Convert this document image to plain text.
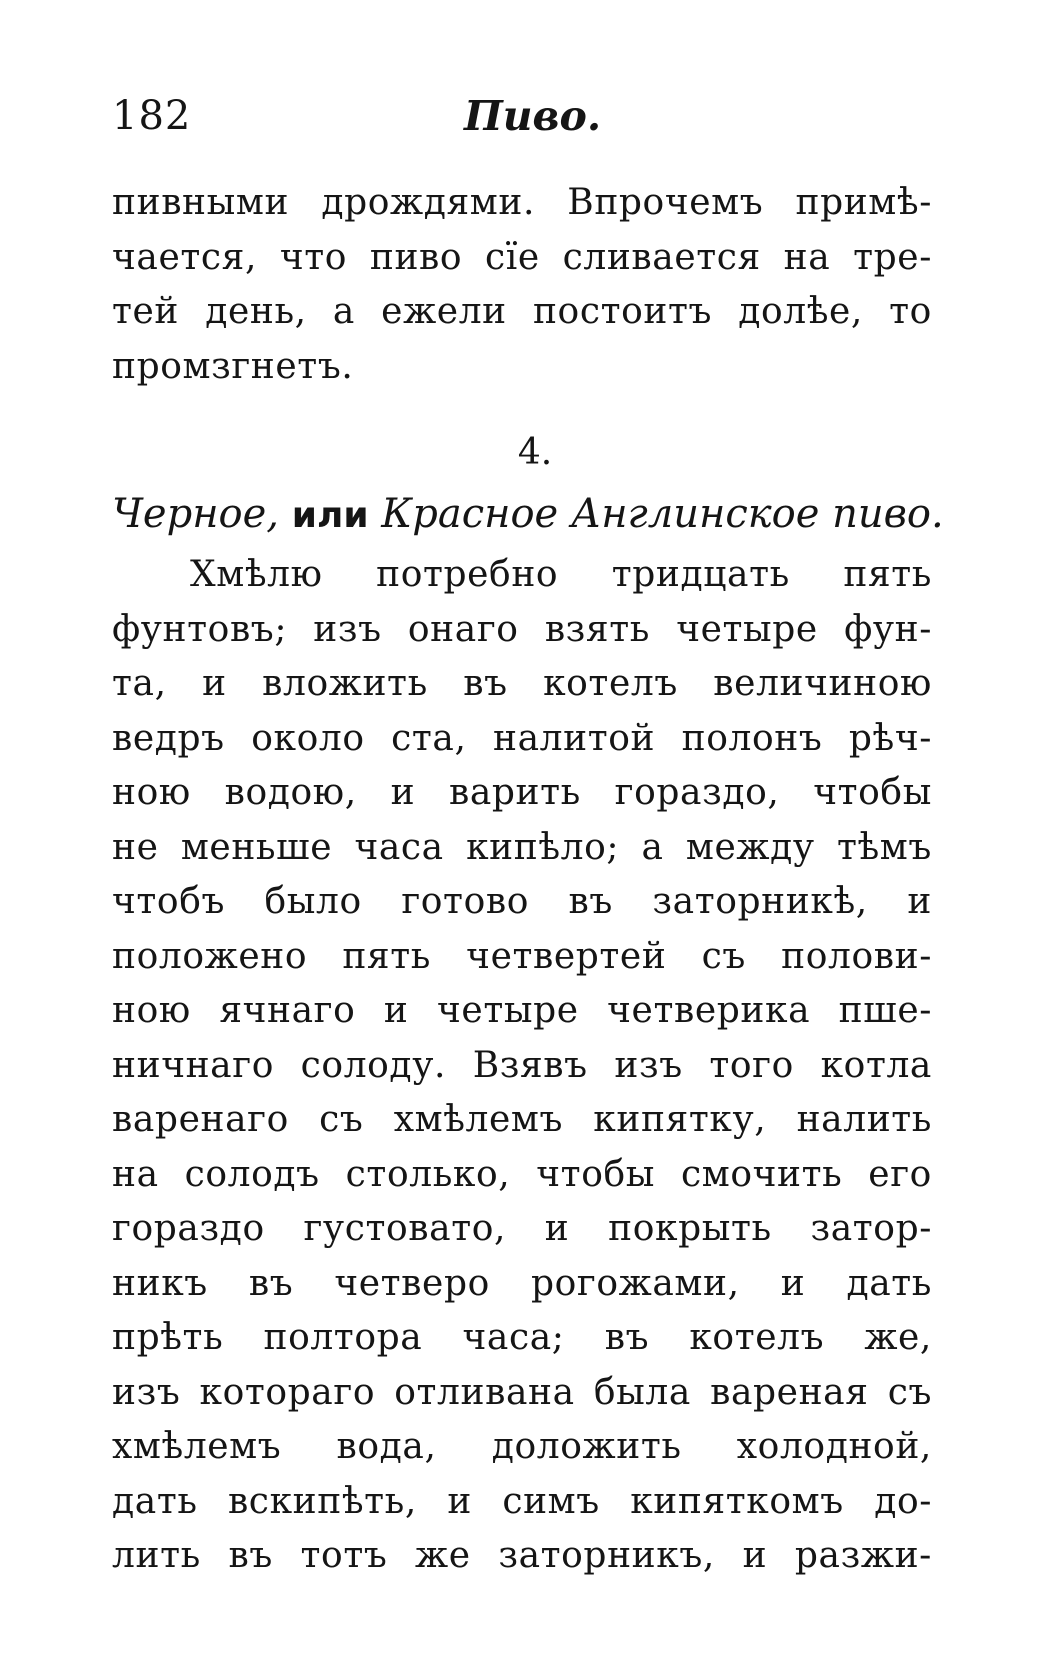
182	Пиво.
пивными дрождями. Впрочемъ примѣ-
чается, что пиво сїе сливается на тре-
тей день, а ежели постоитъ долѣе, то
промзгнетъ.
4.
Черное, или Красное Англинское пиво.
Хмѣлю потребно тридцать пять
фунтовъ; изъ онаго взять четыре фун-
та, и вложить въ котелъ величиною
ведръ около ста, налитой полонъ рѣч-
ною водою, и варить гораздо, чтобы
не меньше часа кипѣло; а между тѣмъ
чтобъ было готово въ заторникѣ, и
положено пять четвертей съ полови-
ною ячнаго и четыре четверика пше-
ничнаго солоду. Взявъ изъ того котла
варенаго съ хмѣлемъ кипятку, налить
на солодъ столько, чтобы смочить его
гораздо густовато, и покрыть затор-
никъ въ четверо рогожами, и дать
прѣть полтора часа; въ котелъ же,
изъ котораго отливана была вареная съ
хмѣлемъ вода, доложить холодной,
дать вскипѣть, и симъ кипяткомъ до-
лить въ тотъ же заторникъ, и разжи-
